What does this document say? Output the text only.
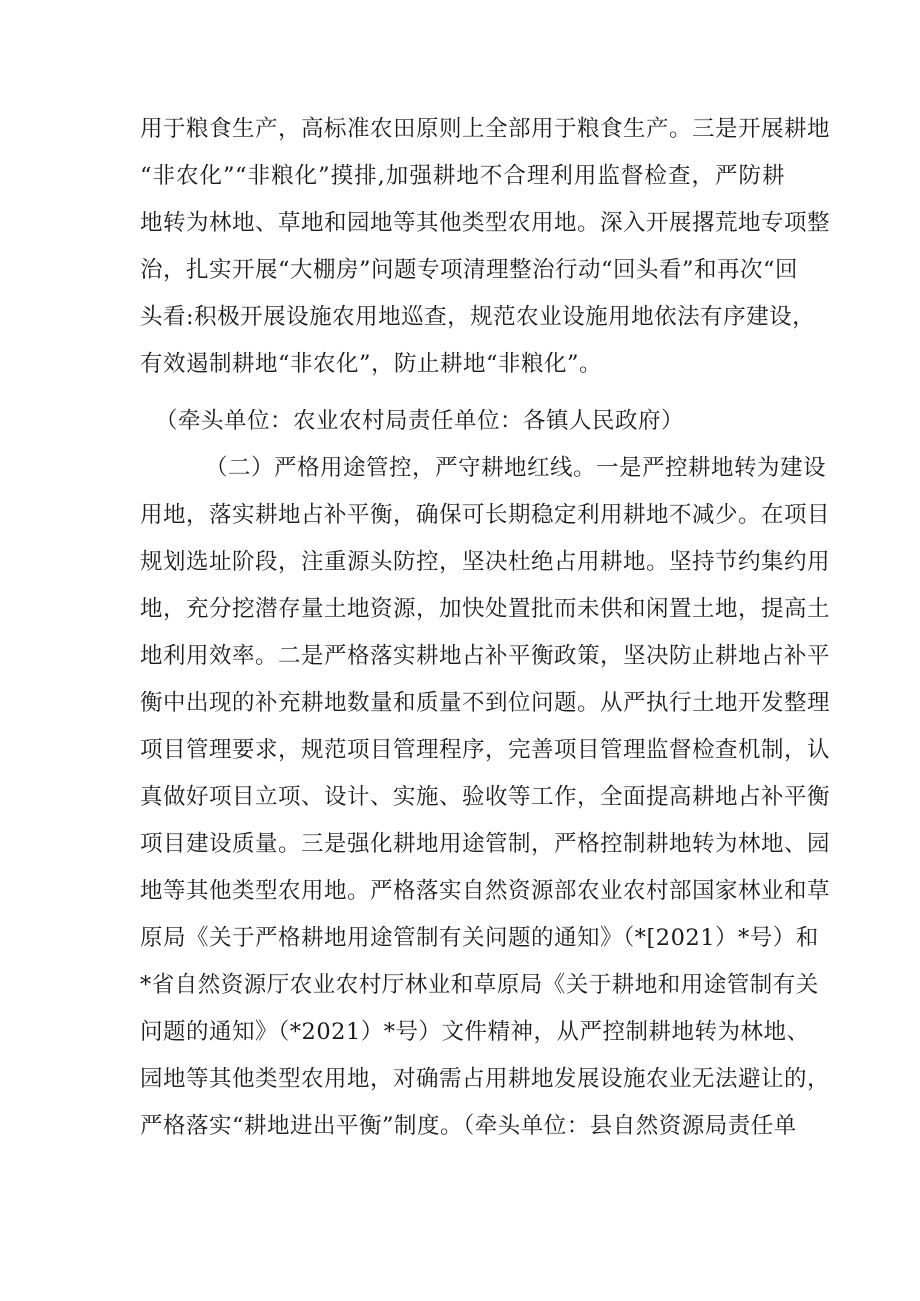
用于粮食生产，高标准农田原则上全部用于粮食生产。三是开展耕地
“非农化”“非粮化”摸排,加强耕地不合理利用监督检查，严防耕
地转为林地、草地和园地等其他类型农用地。深入开展撂荒地专项整
治，扎实开展“大棚房”问题专项清理整治行动“回头看”和再次“回
头看:积极开展设施农用地巡查，规范农业设施用地依法有序建设，
有效遏制耕地“非农化”，防止耕地“非粮化”。
（牵头单位：农业农村局责任单位：各镇人民政府）
（二）严格用途管控，严守耕地红线。一是严控耕地转为建设
用地，落实耕地占补平衡，确保可长期稳定利用耕地不减少。在项目
规划选址阶段，注重源头防控，坚决杜绝占用耕地。坚持节约集约用
地，充分挖潜存量土地资源，加快处置批而未供和闲置土地，提高土
地利用效率。二是严格落实耕地占补平衡政策，坚决防止耕地占补平
衡中出现的补充耕地数量和质量不到位问题。从严执行土地开发整理
项目管理要求，规范项目管理程序，完善项目管理监督检查机制，认
真做好项目立项、设计、实施、验收等工作，全面提高耕地占补平衡
项目建设质量。三是强化耕地用途管制，严格控制耕地转为林地、园
地等其他类型农用地。严格落实自然资源部农业农村部国家林业和草
原局《关于严格耕地用途管制有关问题的通知》（*[2021）*号）和
*省自然资源厅农业农村厅林业和草原局《关于耕地和用途管制有关
问题的通知》（*2021）*号）文件精神，从严控制耕地转为林地、
园地等其他类型农用地，对确需占用耕地发展设施农业无法避让的，
严格落实“耕地进出平衡”制度。（牵头单位：县自然资源局责任单
